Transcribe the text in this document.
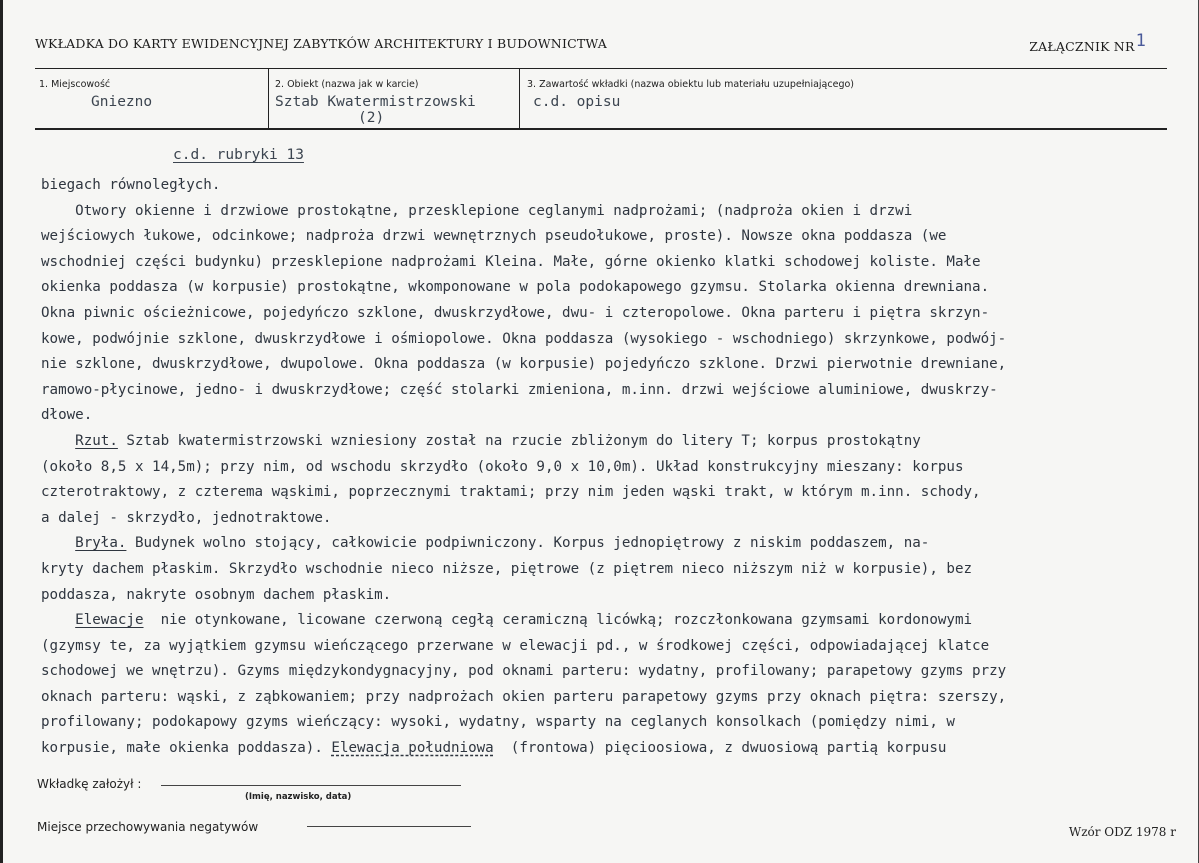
WKŁADKA DO KARTY EWIDENCYJNEJ ZABYTKÓW ARCHITEKTURY I BUDOWNICTWA	ZAŁĄCZNIK NR1
1. Miejscowość
Gniezno
2. Obiekt (nazwa jak w karcie)
Sztab Kwatermistrzowski
(2)
3. Zawartość wkładki (nazwa obiektu lub materiału uzupełniającego)
c.d. opisu
c.d. rubryki 13
biegach równoległych.
Otwory okienne i drzwiowe prostokątne, przesklepione ceglanymi nadprożami; (nadproża okien i drzwi
wejściowych łukowe, odcinkowe; nadproża drzwi wewnętrznych pseudołukowe, proste). Nowsze okna poddasza (we
wschodniej części budynku) przesklepione nadprożami Kleina. Małe, górne okienko klatki schodowej koliste. Małe
okienka poddasza (w korpusie) prostokątne, wkomponowane w pola podokapowego gzymsu. Stolarka okienna drewniana.
Okna piwnic ościeżnicowe, pojedyńczo szklone, dwuskrzydłowe, dwu- i czteropolowe. Okna parteru i piętra skrzyn-
kowe, podwójnie szklone, dwuskrzydłowe i ośmiopolowe. Okna poddasza (wysokiego - wschodniego) skrzynkowe, podwój-
nie szklone, dwuskrzydłowe, dwupolowe. Okna poddasza (w korpusie) pojedyńczo szklone. Drzwi pierwotnie drewniane,
ramowo-płycinowe, jedno- i dwuskrzydłowe; część stolarki zmieniona, m.inn. drzwi wejściowe aluminiowe, dwuskrzy-
dłowe.
Rzut. Sztab kwatermistrzowski wzniesiony został na rzucie zbliżonym do litery T; korpus prostokątny
(około 8,5 x 14,5m); przy nim, od wschodu skrzydło (około 9,0 x 10,0m). Układ konstrukcyjny mieszany: korpus
czterotraktowy, z czterema wąskimi, poprzecznymi traktami; przy nim jeden wąski trakt, w którym m.inn. schody,
a dalej - skrzydło, jednotraktowe.
Bryła. Budynek wolno stojący, całkowicie podpiwniczony. Korpus jednopiętrowy z niskim poddaszem, na-
kryty dachem płaskim. Skrzydło wschodnie nieco niższe, piętrowe (z piętrem nieco niższym niż w korpusie), bez
poddasza, nakryte osobnym dachem płaskim.
Elewacje  nie otynkowane, licowane czerwoną cegłą ceramiczną licówką; rozczłonkowana gzymsami kordonowymi
(gzymsy te, za wyjątkiem gzymsu wieńczącego przerwane w elewacji pd., w środkowej części, odpowiadającej klatce
schodowej we wnętrzu). Gzyms międzykondygnacyjny, pod oknami parteru: wydatny, profilowany; parapetowy gzyms przy
oknach parteru: wąski, z ząbkowaniem; przy nadprożach okien parteru parapetowy gzyms przy oknach piętra: szerszy,
profilowany; podokapowy gzyms wieńczący: wysoki, wydatny, wsparty na ceglanych konsolkach (pomiędzy nimi, w
korpusie, małe okienka poddasza). Elewacja południowa  (frontowa) pięcioosiowa, z dwuosiową partią korpusu
Wkładkę założył :
(Imię, nazwisko, data)
Miejsce przechowywania negatywów	Wzór ODZ 1978 r
